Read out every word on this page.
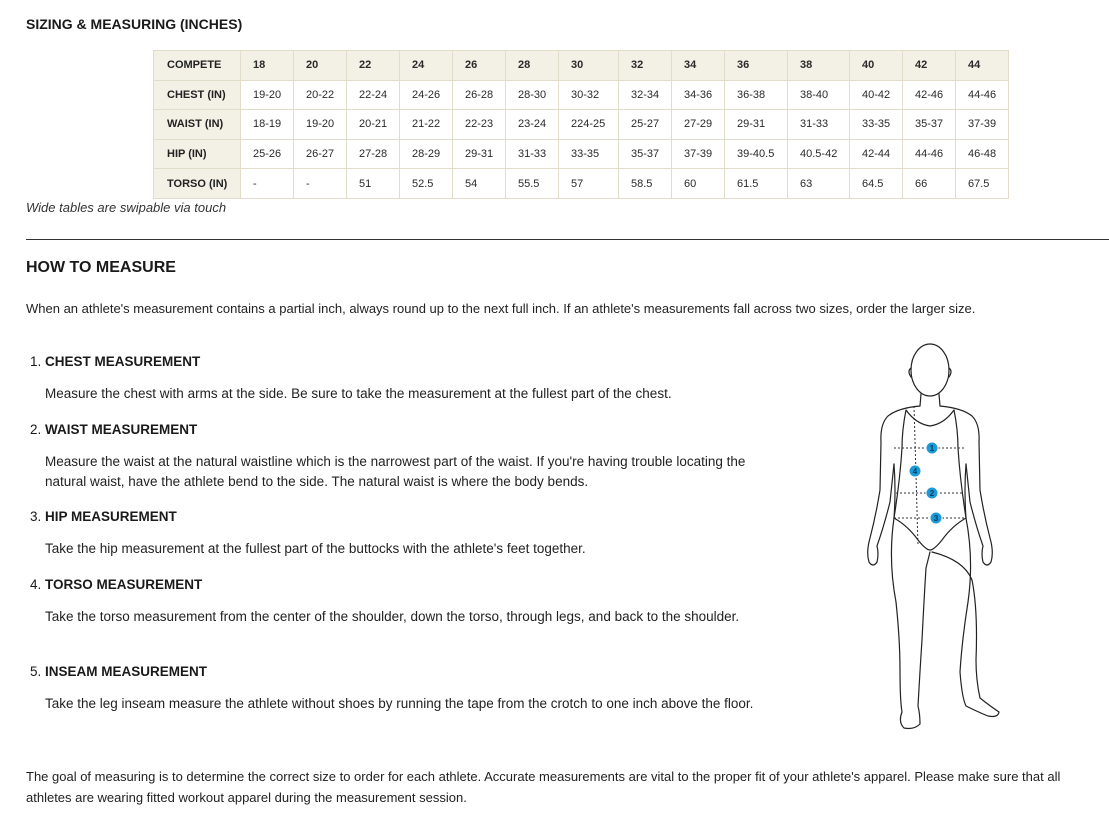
SIZING & MEASURING (INCHES)
COMPETE	18	20	22	24	26	28	30	32	34	36	38	40	42	44
CHEST (IN)	19-20	20-22	22-24	24-26	26-28	28-30	30-32	32-34	34-36	36-38	38-40	40-42	42-46	44-46
WAIST (IN)	18-19	19-20	20-21	21-22	22-23	23-24	224-25	25-27	27-29	29-31	31-33	33-35	35-37	37-39
HIP (IN)	25-26	26-27	27-28	28-29	29-31	31-33	33-35	35-37	37-39	39-40.5	40.5-42	42-44	44-46	46-48
TORSO (IN)	-	-	51	52.5	54	55.5	57	58.5	60	61.5	63	64.5	66	67.5
Wide tables are swipable via touch
HOW TO MEASURE
When an athlete's measurement contains a partial inch, always round up to the next full inch. If an athlete's measurements fall across two sizes, order the larger size.
1. CHEST MEASUREMENT
Measure the chest with arms at the side. Be sure to take the measurement at the fullest part of the chest.
2. WAIST MEASUREMENT
Measure the waist at the natural waistline which is the narrowest part of the waist. If you're having trouble locating the natural waist, have the athlete bend to the side. The natural waist is where the body bends.
3. HIP MEASUREMENT
Take the hip measurement at the fullest part of the buttocks with the athlete's feet together.
4. TORSO MEASUREMENT
Take the torso measurement from the center of the shoulder, down the torso, through legs, and back to the shoulder.
5. INSEAM MEASUREMENT
Take the leg inseam measure the athlete without shoes by running the tape from the crotch to one inch above the floor.
1
2
3
4
The goal of measuring is to determine the correct size to order for each athlete. Accurate measurements are vital to the proper fit of your athlete's apparel. Please make sure that all athletes are wearing fitted workout apparel during the measurement session.
